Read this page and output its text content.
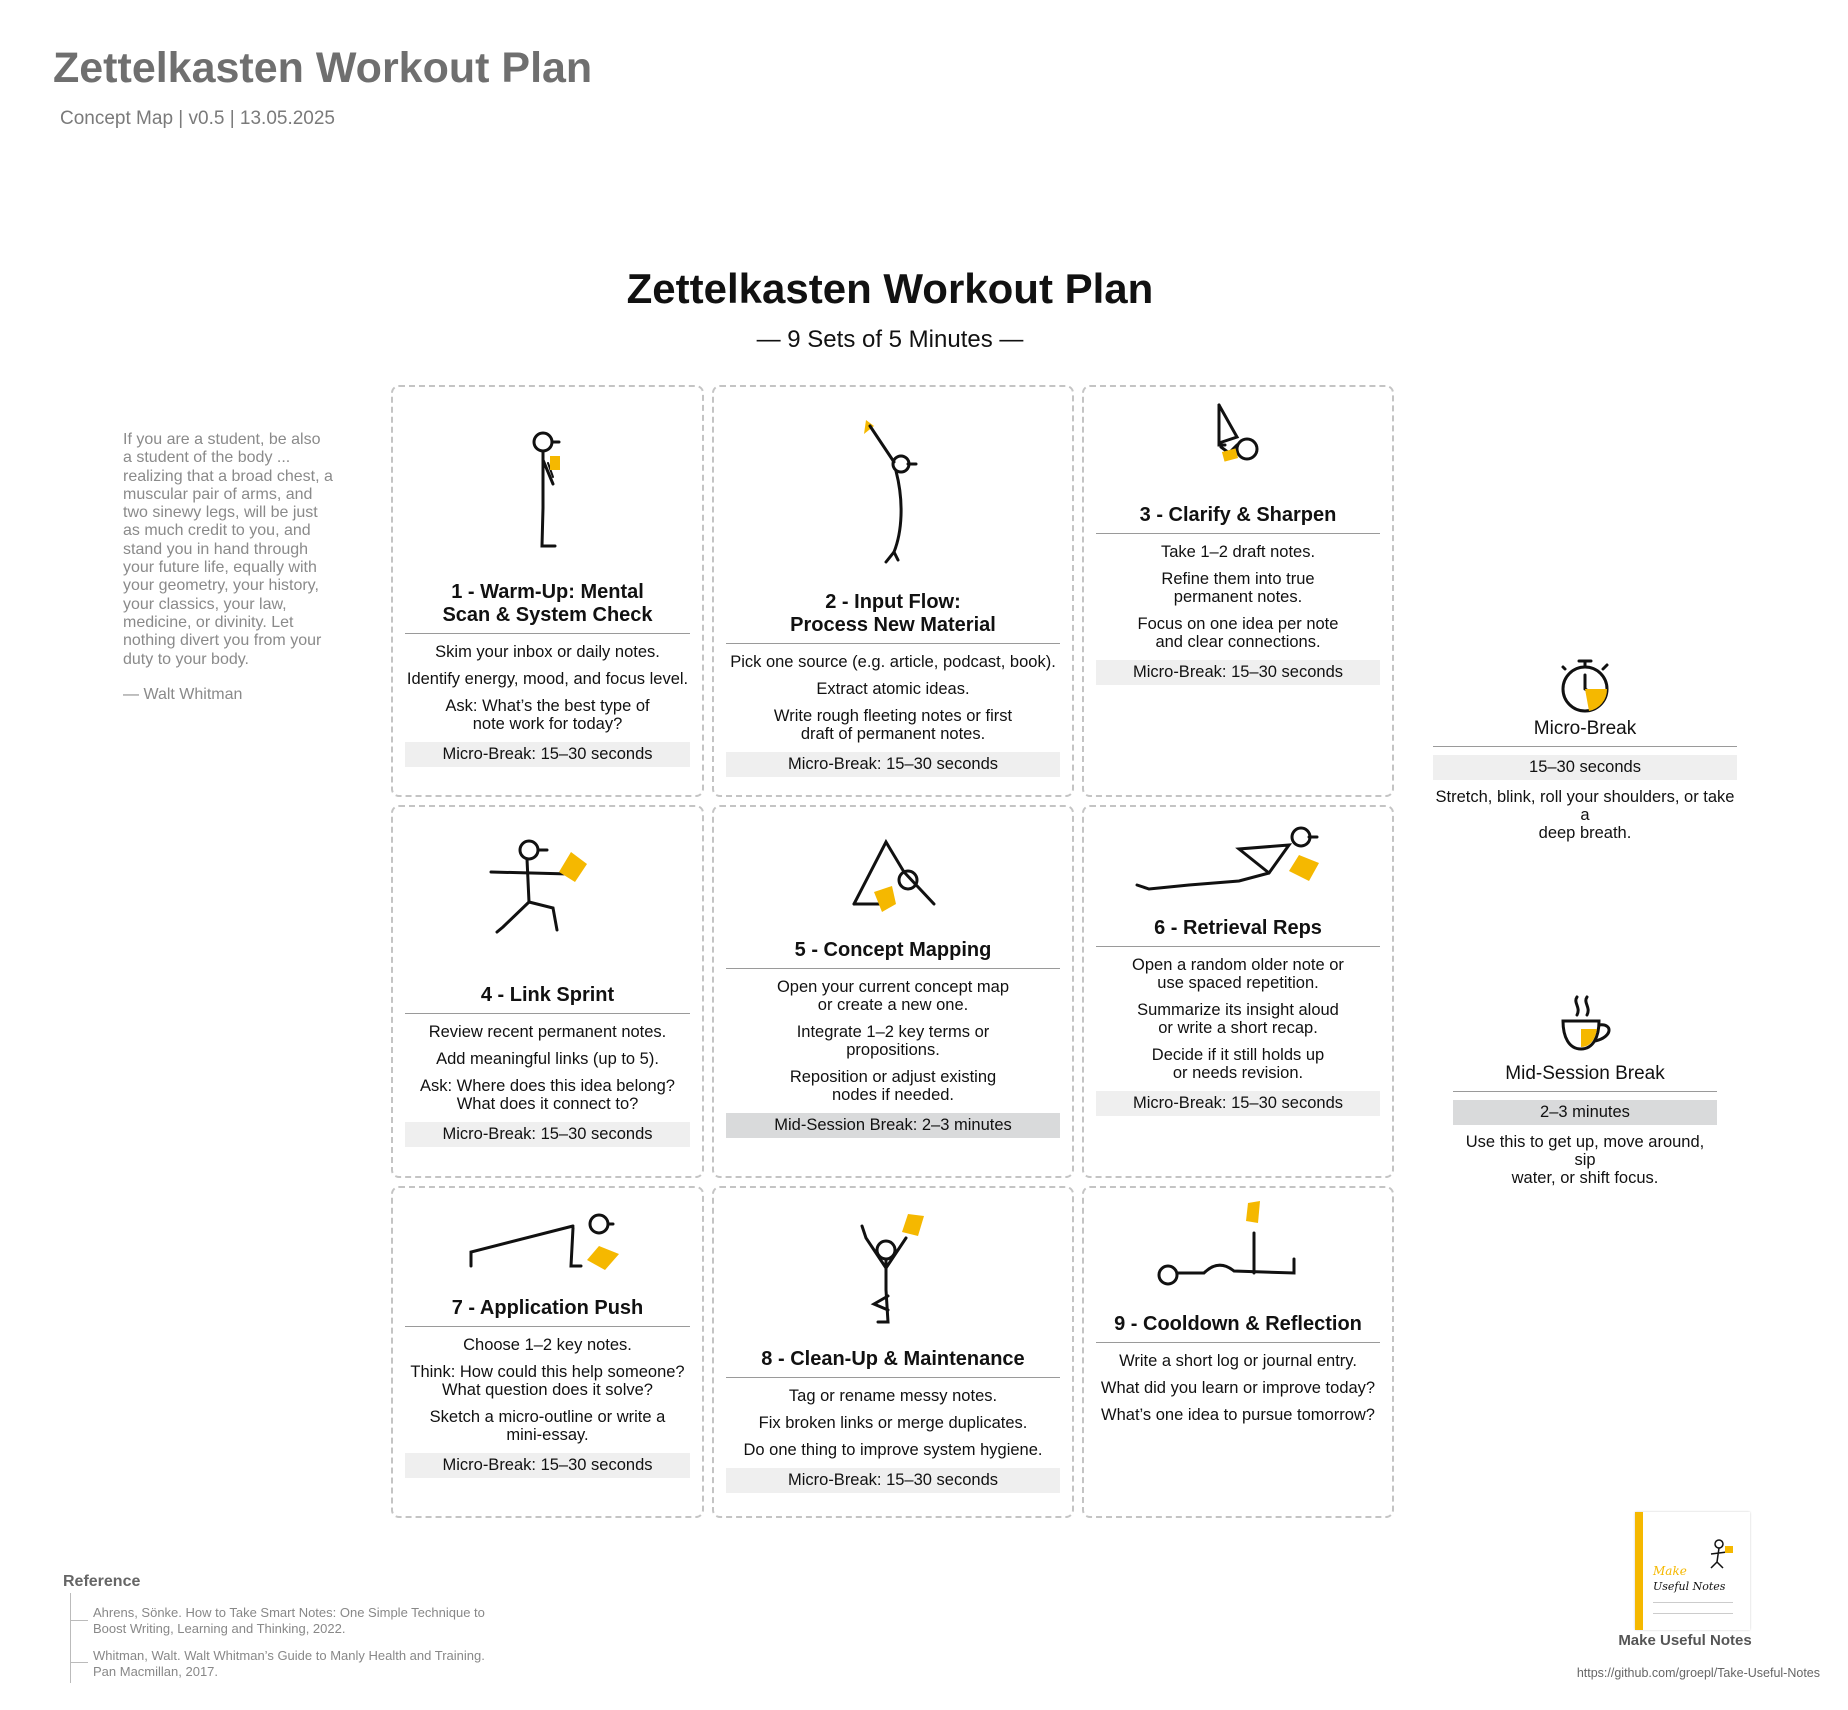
Zettelkasten Workout Plan
Concept Map | v0.5 | 13.05.2025
Zettelkasten Workout Plan
— 9 Sets of 5 Minutes —
If you are a student, be also a student of the body ... realizing that a broad chest, a muscular pair of arms, and two sinewy legs, will be just as much credit to you, and stand you in hand through your future life, equally with your geometry, your history, your classics, your law, medicine, or divinity. Let nothing divert you from your duty to your body.
— Walt Whitman
1 - Warm-Up: Mental
Scan & System Check
Skim your inbox or daily notes.
Identify energy, mood, and focus level.
Ask: What’s the best type of
note work for today?
Micro-Break: 15–30 seconds
2 - Input Flow:
Process New Material
Pick one source (e.g. article, podcast, book).
Extract atomic ideas.
Write rough fleeting notes or first
draft of permanent notes.
Micro-Break: 15–30 seconds
3 - Clarify & Sharpen
Take 1–2 draft notes.
Refine them into true
permanent notes.
Focus on one idea per note
and clear connections.
Micro-Break: 15–30 seconds
4 - Link Sprint
Review recent permanent notes.
Add meaningful links (up to 5).
Ask: Where does this idea belong?
What does it connect to?
Micro-Break: 15–30 seconds
5 - Concept Mapping
Open your current concept map
or create a new one.
Integrate 1–2 key terms or
propositions.
Reposition or adjust existing
nodes if needed.
Mid-Session Break: 2–3 minutes
6 - Retrieval Reps
Open a random older note or
use spaced repetition.
Summarize its insight aloud
or write a short recap.
Decide if it still holds up
or needs revision.
Micro-Break: 15–30 seconds
7 - Application Push
Choose 1–2 key notes.
Think: How could this help someone?
What question does it solve?
Sketch a micro-outline or write a
mini-essay.
Micro-Break: 15–30 seconds
8 - Clean-Up & Maintenance
Tag or rename messy notes.
Fix broken links or merge duplicates.
Do one thing to improve system hygiene.
Micro-Break: 15–30 seconds
9 - Cooldown & Reflection
Write a short log or journal entry.
What did you learn or improve today?
What’s one idea to pursue tomorrow?
Micro-Break
15–30 seconds
Stretch, blink, roll your shoulders, or take a
deep breath.
Mid-Session Break
2–3 minutes
Use this to get up, move around, sip
water, or shift focus.
Reference
Ahrens, Sönke. How to Take Smart Notes: One Simple Technique to
Boost Writing, Learning and Thinking, 2022.
Whitman, Walt. Walt Whitman’s Guide to Manly Health and Training.
Pan Macmillan, 2017.
Make
Useful Notes
Make Useful Notes
https://github.com/groepl/Take-Useful-Notes
